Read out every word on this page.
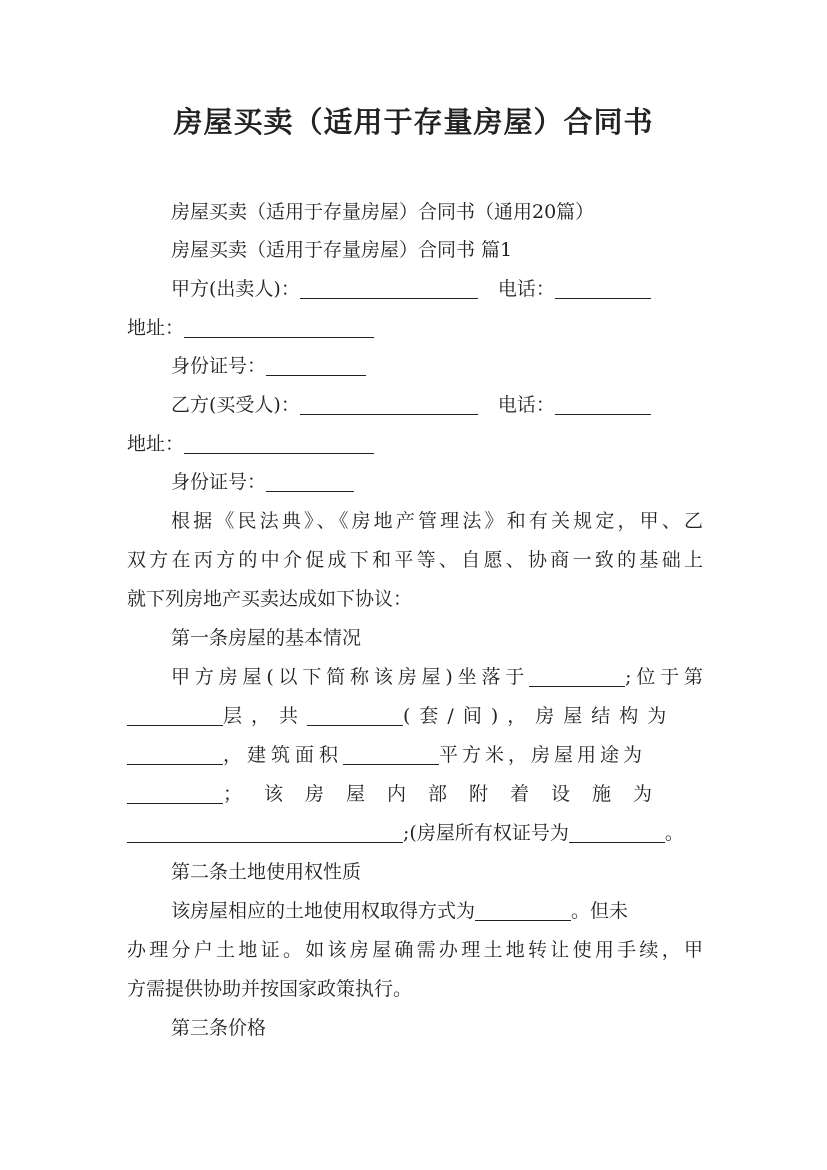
房屋买卖（适用于存量房屋）合同书
房屋买卖（适用于存量房屋）合同书（通用20篇）
房屋买卖（适用于存量房屋）合同书 篇1
甲方(出卖人)：	电话：
地址：
身份证号：
乙方(买受人)：	电话：
地址：
身份证号：
根据《民法典》、《房地产管理法》和有关规定，甲、乙
双方在丙方的中介促成下和平等、自愿、协商一致的基础上
就下列房地产买卖达成如下协议：
第一条房屋的基本情况
甲方房屋(以下简称该房屋)坐落于	;位于第
层，共	(套/间)，房屋结构为
，建筑面积	平方米，房屋用途为
；该房屋内部附着设施为
;(房屋所有权证号为	。
第二条土地使用权性质
该房屋相应的土地使用权取得方式为	。但未
办理分户土地证。如该房屋确需办理土地转让使用手续，甲
方需提供协助并按国家政策执行。
第三条价格
